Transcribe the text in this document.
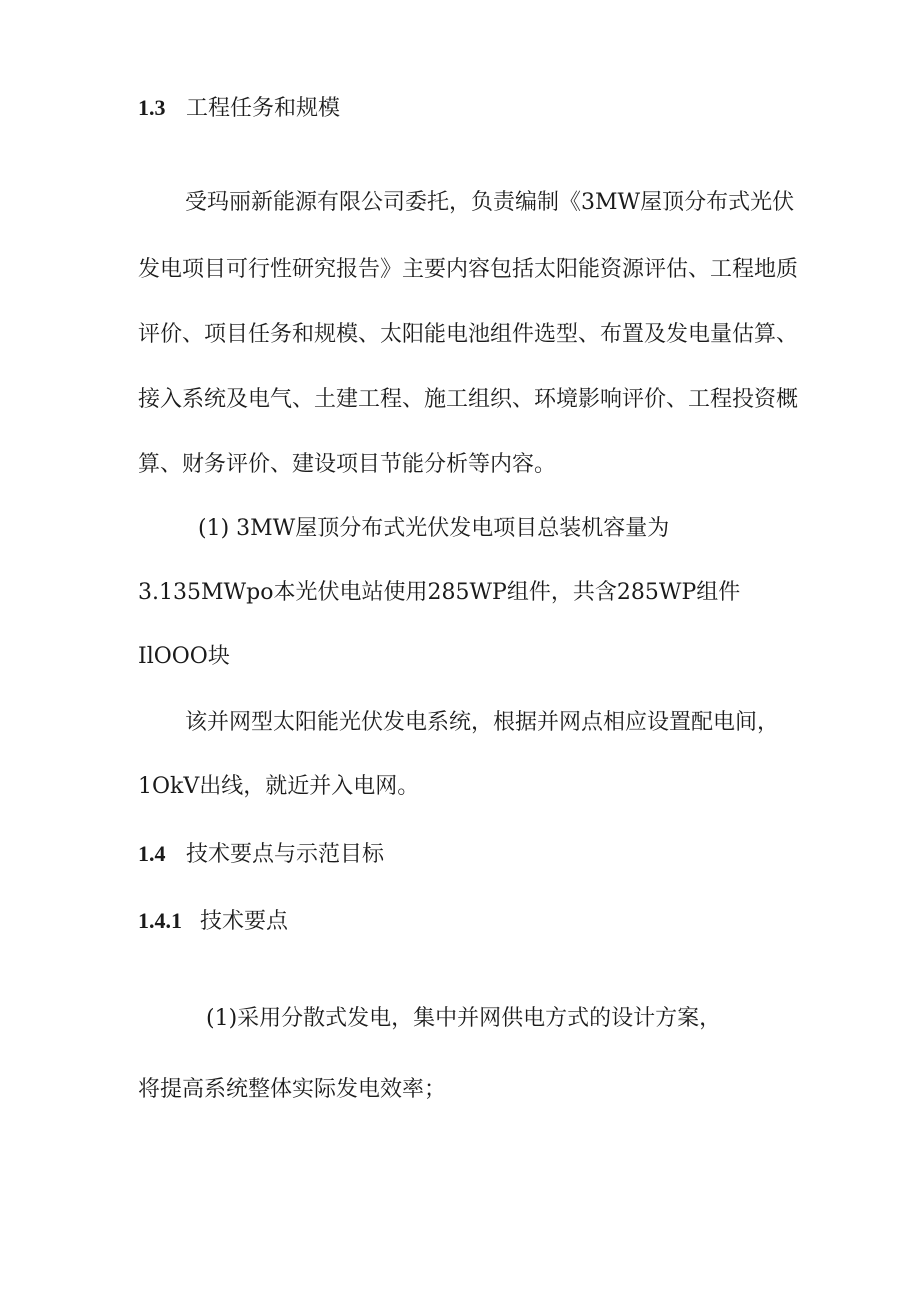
1.3 工程任务和规模
受玛丽新能源有限公司委托，负责编制《3MW屋顶分布式光伏
发电项目可行性研究报告》主要内容包括太阳能资源评估、工程地质
评价、项目任务和规模、太阳能电池组件选型、布置及发电量估算、
接入系统及电气、土建工程、施工组织、环境影响评价、工程投资概
算、财务评价、建设项目节能分析等内容。
(1) 3MW屋顶分布式光伏发电项目总装机容量为
3.135MWpo本光伏电站使用285WP组件，共含285WP组件
IlOOO块
该并网型太阳能光伏发电系统，根据并网点相应设置配电间，
1OkV出线，就近并入电网。
1.4 技术要点与示范目标
1.4.1 技术要点
(1)采用分散式发电，集中并网供电方式的设计方案，
将提高系统整体实际发电效率；
